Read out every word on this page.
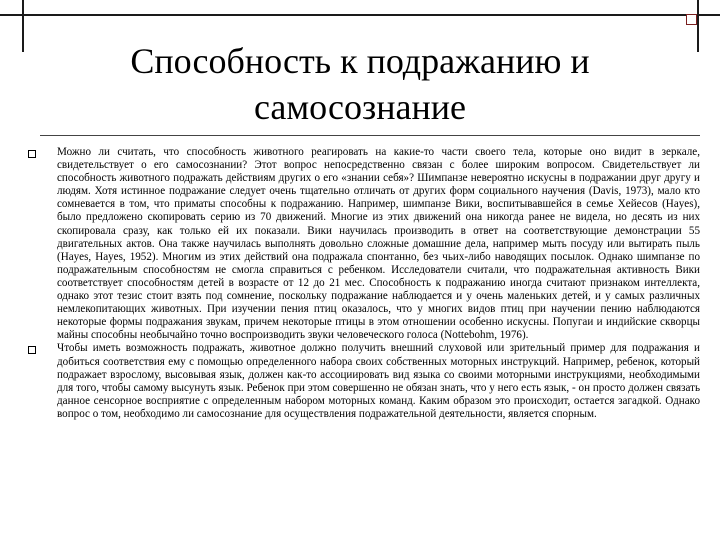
Способность к подражанию и самосознание
Можно ли считать, что способность животного реагировать на какие-то части своего тела, которые оно видит в зеркале, свидетельствует о его самосознании? Этот вопрос непосредственно связан с более широким вопросом. Свидетельствует ли способность животного подражать действиям других о его «знании себя»? Шимпанзе невероятно искусны в подражании друг другу и людям. Хотя истинное подражание следует очень тщательно отличать от других форм социального научения (Davis, 1973), мало кто сомневается в том, что приматы способны к подражанию. Например, шимпанзе Вики, воспитывавшейся в семье Хейесов (Hayes), было предложено скопировать серию из 70 движений. Многие из этих движений она никогда ранее не видела, но десять из них скопировала сразу, как только ей их показали. Вики научилась производить в ответ на соответствующие демонстрации 55 двигательных актов. Она также научилась выполнять довольно сложные домашние дела, например мыть посуду или вытирать пыль (Hayes, Hayes, 1952). Многим из этих действий она подражала спонтанно, без чьих-либо наводящих посылок. Однако шимпанзе по подражательным способностям не смогла справиться с ребенком. Исследователи считали, что подражательная активность Вики соответствует способностям детей в возрасте от 12 до 21 мес. Способность к подражанию иногда считают признаком интеллекта, однако этот тезис стоит взять под сомнение, поскольку подражание наблюдается и у очень маленьких детей, и у самых различных немлекопитающих животных. При изучении пения птиц оказалось, что у многих видов птиц при научении пению наблюдаются некоторые формы подражания звукам, причем некоторые птицы в этом отношении особенно искусны. Попугаи и индийские скворцы майны способны необычайно точно воспроизводить звуки человеческого голоса (Nottebohm, 1976).
Чтобы иметь возможность подражать, животное должно получить внешний слуховой или зрительный пример для подражания и добиться соответствия ему с помощью определенного набора своих собственных моторных инструкций. Например, ребенок, который подражает взрослому, высовывая язык, должен как-то ассоциировать вид языка со своими моторными инструкциями, необходимыми для того, чтобы самому высунуть язык. Ребенок при этом совершенно не обязан знать, что у него есть язык, - он просто должен связать данное сенсорное восприятие с определенным набором моторных команд. Каким образом это происходит, остается загадкой. Однако вопрос о том, необходимо ли самосознание для осуществления подражательной деятельности, является спорным.
